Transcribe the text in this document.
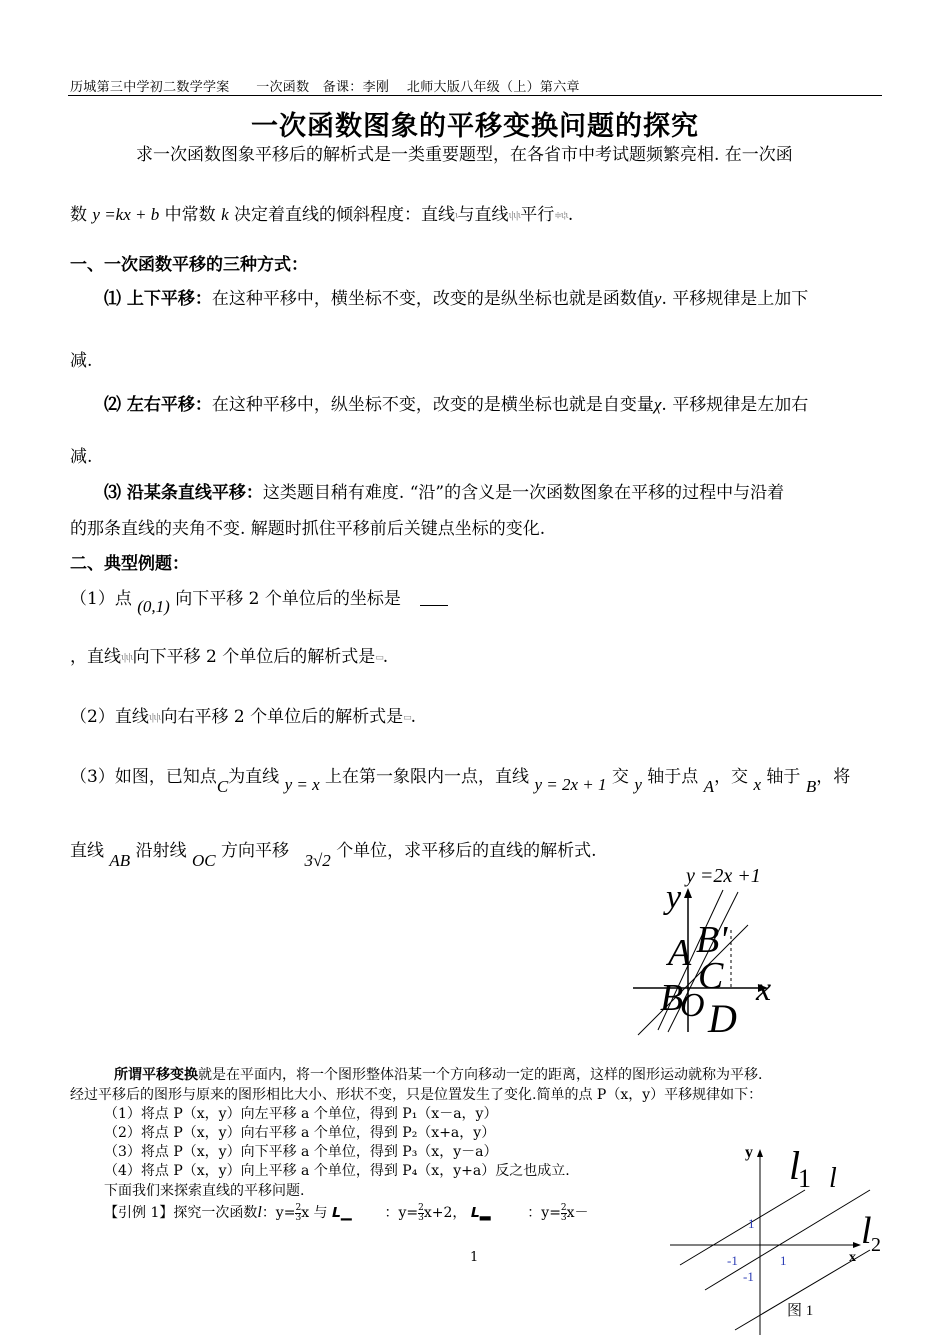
历城第三中学初二数学学案　　一次函数　备课：李刚　 北师大版八年级（上）第六章
一次函数图象的平移变换问题的探究
求一次函数图象平移后的解析式是一类重要题型，在各省市中考试题频繁亮相. 在一次函
数 y =kx + b 中常数 k 决定着直线的倾斜程度：直线ι与直线ι|ι|ι平行≑ι¦ι.
一、一次函数平移的三种方式：
⑴ 上下平移：在这种平移中，横坐标不变，改变的是纵坐标也就是函数值y. 平移规律是上加下
减.
⑵ 左右平移：在这种平移中，纵坐标不变，改变的是横坐标也就是自变量χ. 平移规律是左加右
减.
⑶ 沿某条直线平移：这类题目稍有难度. “沿”的含义是一次函数图象在平移的过程中与沿着
的那条直线的夹角不变. 解题时抓住平移前后关键点坐标的变化.
二、典型例题：
（1）点 (0,1) 向下平移 2 个单位后的坐标是
，直线ι|ι|ι向下平移 2 个单位后的解析式是▭.
（2）直线ι|ι|ι向右平移 2 个单位后的解析式是▭.
（3）如图，已知点C为直线 y = x 上在第一象限内一点，直线 y = 2x + 1 交 y 轴于点 A，交 x 轴于 B，将
直线 AB 沿射线 OC 方向平移 3√2 个单位，求平移后的直线的解析式.
y =2x +1
y
A B'
C
B
O D
x
所谓平移变换就是在平面内，将一个图形整体沿某一个方向移动一定的距离，这样的图形运动就称为平移.
经过平移后的图形与原来的图形相比大小、形状不变，只是位置发生了变化.简单的点 P（x，y）平移规律如下：
（1）将点 P（x，y）向左平移 a 个单位，得到 P₁（x－a，y）
（2）将点 P（x，y）向右平移 a 个单位，得到 P₂（x+a，y）
（3）将点 P（x，y）向下平移 a 个单位，得到 P₃（x，y－a）
（4）将点 P（x，y）向上平移 a 个单位，得到 P₄（x，y+a）反之也成立.
下面我们来探索直线的平移问题.
【引例 1】探究一次函数l：$y= \frac{2}{3}$ x 与 𝙇▁ ：$y= \frac{2}{3} x+2$， 𝙇▂	：$y= \frac{2}{3} x-$
y l
1 l
l 2
x
1
-1	1
-1
图 1
1
